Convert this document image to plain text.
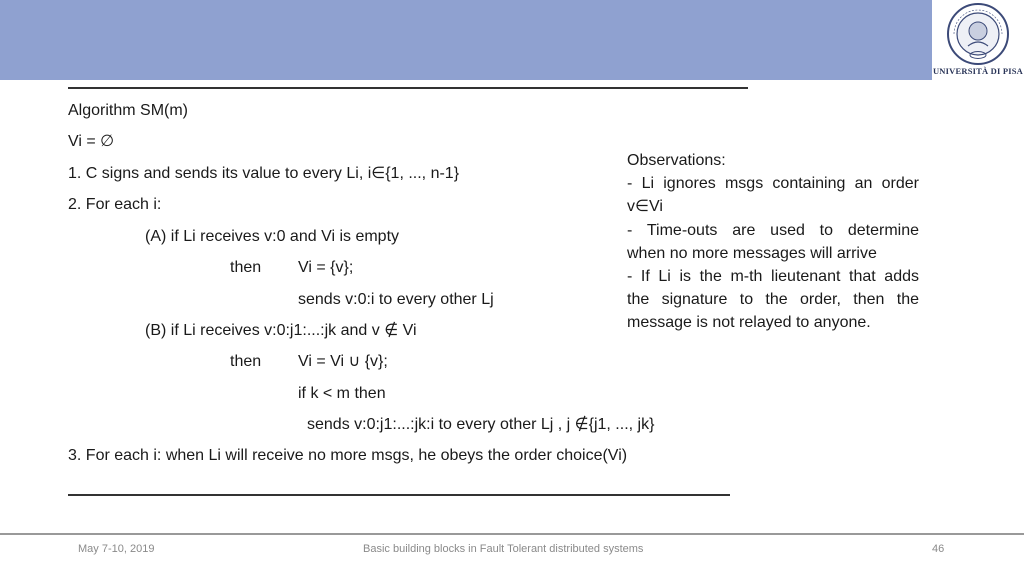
UNIVERSITÀ DI PISA
Algorithm SM(m)
Vi = ∅
1. C signs and sends its value to every Li, i∈{1, ..., n-1}
2. For each i:
(A) if Li receives v:0 and Vi is empty
then Vi = {v};
sends v:0:i to every other Lj
(B) if Li receives v:0:j1:...:jk and v ∉ Vi
then Vi = Vi ∪ {v};
if k < m then
sends v:0:j1:...:jk:i to every other Lj , j ∉{j1, ..., jk}
3. For each i: when Li will receive no more msgs, he obeys the order choice(Vi)
Observations:
- Li ignores msgs containing an order
v∈Vi
- Time-outs are used to determine
when no more messages will arrive
- If Li is the m-th lieutenant that adds
the signature to the order, then the
message is not relayed to anyone.
May 7-10, 2019	Basic building blocks in Fault Tolerant distributed systems	46
